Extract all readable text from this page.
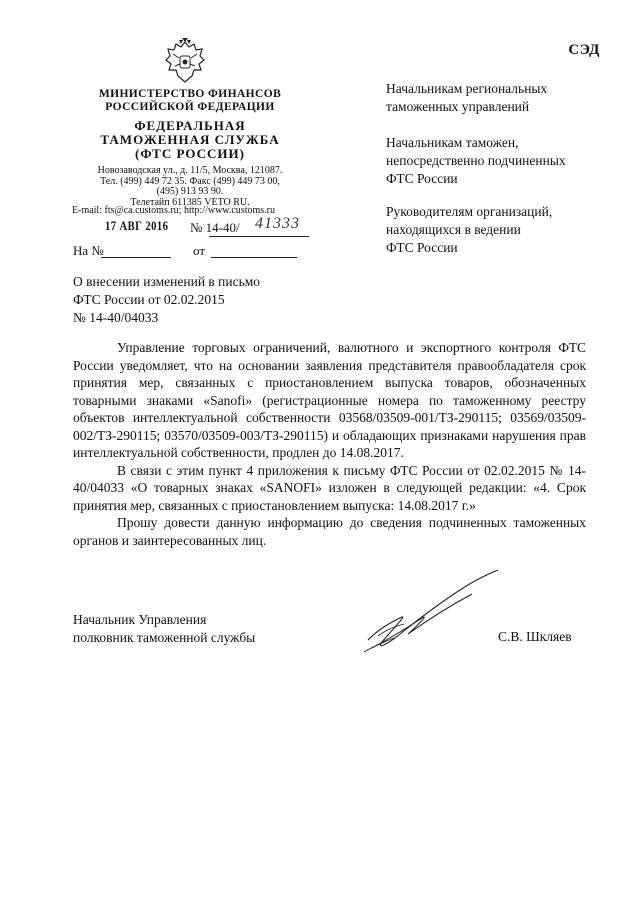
СЭД
МИНИСТЕРСТВО ФИНАНСОВ
РОССИЙСКОЙ ФЕДЕРАЦИИ
ФЕДЕРАЛЬНАЯ
ТАМОЖЕННАЯ СЛУЖБА
(ФТС РОССИИ)
Новозаводская ул., д. 11/5, Москва, 121087.
Тел. (499) 449 72 35. Факс (499) 449 73 00,
(495) 913 93 90.
Телетайп 611385 VETO RU.
E-mail: fts@ca.customs.ru; http://www.customs.ru
17 АВГ 2016 № 14-40/ 41333
На №	от
Начальникам региональных
таможенных управлений
Начальникам таможен,
непосредственно подчиненных
ФТС России
Руководителям организаций,
находящихся в ведении
ФТС России
О внесении изменений в письмо
ФТС России от 02.02.2015
№ 14-40/04033

Управление торговых ограничений, валютного и экспортного контроля ФТС России уведомляет, что на основании заявления представителя правообладателя срок принятия мер, связанных с приостановлением выпуска товаров, обозначенных товарными знаками «Sanofi» (регистрационные номера по таможенному реестру объектов интеллектуальной собственности 03568/03509-001/ТЗ-290115; 03569/03509-002/ТЗ-290115; 03570/03509-003/ТЗ-290115) и обладающих признаками нарушения прав интеллектуальной собственности, продлен до 14.08.2017.

В связи с этим пункт 4 приложения к письму ФТС России от 02.02.2015 № 14-40/04033 «О товарных знаках «SANOFI» изложен в следующей редакции: «4. Срок принятия мер, связанных с приостановлением выпуска: 14.08.2017 г.»

Прошу довести данную информацию до сведения подчиненных таможенных органов и заинтересованных лиц.

Начальник Управления
полковник таможенной службы	С.В. Шкляев
